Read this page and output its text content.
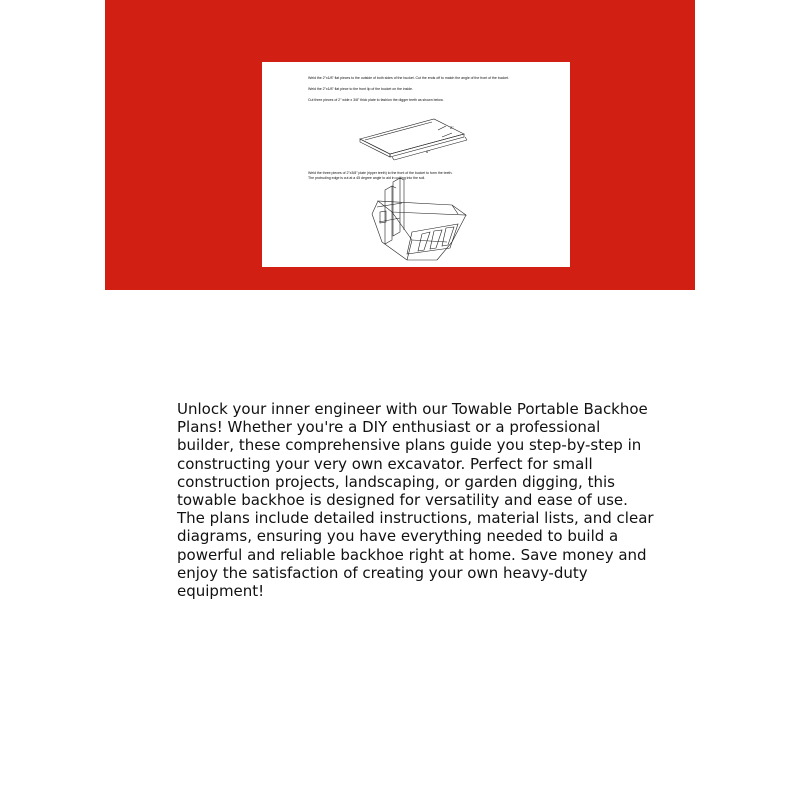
Weld the 2"x1/8" flat pieces to the outside of both sides of the bucket. Cut the ends off to match the angle of the front of the bucket.
Weld the 2"x1/8" flat piece to the front lip of the bucket on the inside.
Cut three pieces of 2" wide x 3/8" thick plate to fashion the digger teeth as shown below.
Weld the three pieces of 2"x3/8" plate (ripper teeth) to the front of the bucket to form the teeth.
The protruding edge is cut at a 45 degree angle to aid in cutting into the soil.
6"
2"

Unlock your inner engineer with our Towable Portable Backhoe Plans! Whether you're a DIY enthusiast or a professional builder, these comprehensive plans guide you step-by-step in constructing your very own excavator. Perfect for small construction projects, landscaping, or garden digging, this towable backhoe is designed for versatility and ease of use. The plans include detailed instructions, material lists, and clear diagrams, ensuring you have everything needed to build a powerful and reliable backhoe right at home. Save money and enjoy the satisfaction of creating your own heavy-duty equipment!
